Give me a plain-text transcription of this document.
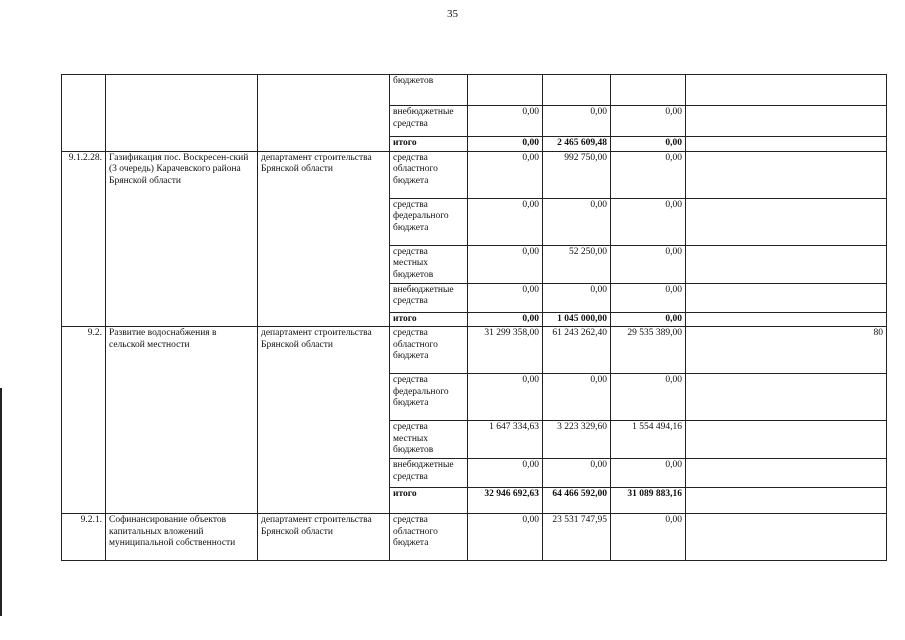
35
			бюджетов				
			внебюджетные средства	0,00	0,00	0,00	
			итого	0,00	2 465 609,48	0,00	
9.1.2.28.	Газификация пос. Воскресен-ский (3 очередь) Карачевского района Брянской области	департамент строительства Брянской области	средства областного бюджета	0,00	992 750,00	0,00	
			средства федерального бюджета	0,00	0,00	0,00	
			средства местных бюджетов	0,00	52 250,00	0,00	
			внебюджетные средства	0,00	0,00	0,00	
			итого	0,00	1 045 000,00	0,00	
9.2.	Развитие водоснабжения в сельской местности	департамент строительства Брянской области	средства областного бюджета	31 299 358,00	61 243 262,40	29 535 389,00	80
			средства федерального бюджета	0,00	0,00	0,00	
			средства местных бюджетов	1 647 334,63	3 223 329,60	1 554 494,16	
			внебюджетные средства	0,00	0,00	0,00	
			итого	32 946 692,63	64 466 592,00	31 089 883,16	
9.2.1.	Софинансирование объектов капитальных вложений муниципальной собственности	департамент строительства Брянской области	средства областного бюджета	0,00	23 531 747,95	0,00	
